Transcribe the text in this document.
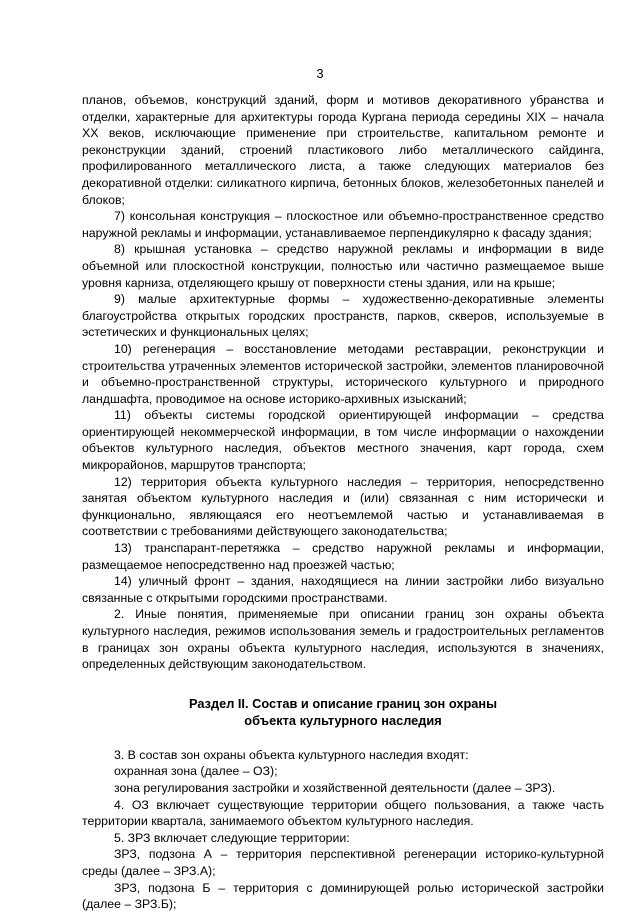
3

планов, объемов, конструкций зданий, форм и мотивов декоративного убранства и отделки, характерные для архитектуры города Кургана периода середины XIX – начала XX веков, исключающие применение при строительстве, капитальном ремонте и реконструкции зданий, строений пластикового либо металлического сайдинга, профилированного металлического листа, а также следующих материалов без декоративной отделки: силикатного кирпича, бетонных блоков, железобетонных панелей и блоков;

7) консольная конструкция – плоскостное или объемно-пространственное средство наружной рекламы и информации, устанавливаемое перпендикулярно к фасаду здания;

8) крышная установка – средство наружной рекламы и информации в виде объемной или плоскостной конструкции, полностью или частично размещаемое выше уровня карниза, отделяющего крышу от поверхности стены здания, или на крыше;

9) малые архитектурные формы – художественно-декоративные элементы благоустройства открытых городских пространств, парков, скверов, используемые в эстетических и функциональных целях;

10) регенерация – восстановление методами реставрации, реконструкции и строительства утраченных элементов исторической застройки, элементов планировочной и объемно-пространственной структуры, исторического культурного и природного ландшафта, проводимое на основе историко-архивных изысканий;

11) объекты системы городской ориентирующей информации – средства ориентирующей некоммерческой информации, в том числе информации о нахождении объектов культурного наследия, объектов местного значения, карт города, схем микрорайонов, маршрутов транспорта;

12) территория объекта культурного наследия – территория, непосредственно занятая объектом культурного наследия и (или) связанная с ним исторически и функционально, являющаяся его неотъемлемой частью и устанавливаемая в соответствии с требованиями действующего законодательства;

13) транспарант-перетяжка – средство наружной рекламы и информации, размещаемое непосредственно над проезжей частью;

14) уличный фронт – здания, находящиеся на линии застройки либо визуально связанные с открытыми городскими пространствами.

2. Иные понятия, применяемые при описании границ зон охраны объекта культурного наследия, режимов использования земель и градостроительных регламентов в границах зон охраны объекта культурного наследия, используются в значениях, определенных действующим законодательством.

Раздел II. Состав и описание границ зон охраны
объекта культурного наследия

3. В состав зон охраны объекта культурного наследия входят:

охранная зона (далее – ОЗ);

зона регулирования застройки и хозяйственной деятельности (далее – ЗРЗ).

4. ОЗ включает существующие территории общего пользования, а также часть территории квартала, занимаемого объектом культурного наследия.

5. ЗРЗ включает следующие территории:

ЗРЗ, подзона А – территория перспективной регенерации историко-культурной среды (далее – ЗРЗ.А);

ЗРЗ, подзона Б – территория с доминирующей ролью исторической застройки (далее – ЗРЗ.Б);
